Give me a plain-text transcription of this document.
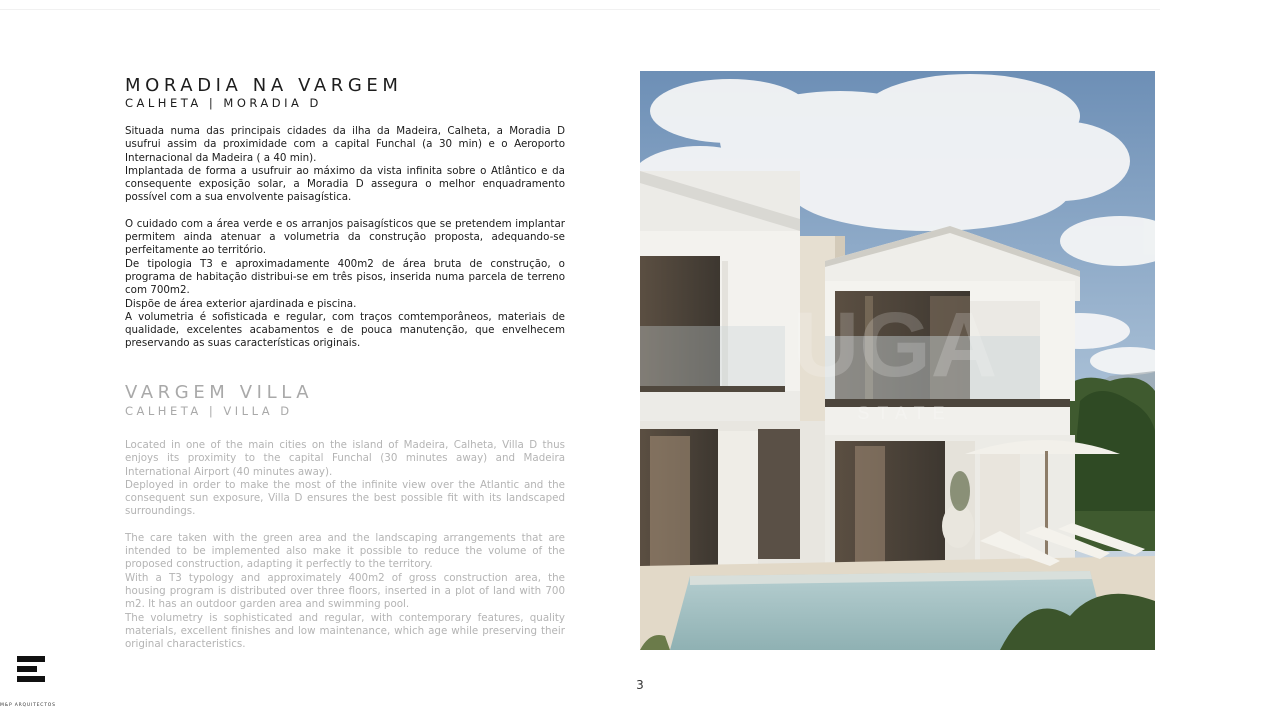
MORADIA NA VARGEM
CALHETA | MORADIA D

Situada numa das principais cidades da ilha da Madeira, Calheta, a Moradia D usufrui assim da proximidade com a capital Funchal (a 30 min) e o Aeroporto Internacional da Madeira ( a 40 min).

Implantada de forma a usufruir ao máximo da vista infinita sobre o Atlântico e da consequente exposição solar, a Moradia D assegura o melhor enquadramento possível com a sua envolvente paisagística.

O cuidado com a área verde e os arranjos paisagísticos que se pretendem implantar permitem ainda atenuar a volumetria da construção proposta, adequando-se perfeitamente ao território.

De tipologia T3 e aproximadamente 400m2 de área bruta de construção, o programa de habitação distribui-se em três pisos, inserida numa parcela de terreno com 700m2.

Dispõe de área exterior ajardinada e piscina.

A volumetria é sofisticada e regular, com traços comtemporâneos, materiais de qualidade, excelentes acabamentos e de pouca manutenção, que envelhecem preservando as suas características originais.

VARGEM VILLA
CALHETA | VILLA D

Located in one of the main cities on the island of Madeira, Calheta, Villa D thus enjoys its proximity to the capital Funchal (30 minutes away) and Madeira International Airport (40 minutes away).

Deployed in order to make the most of the infinite view over the Atlantic and the consequent sun exposure, Villa D ensures the best possible fit with its landscaped surroundings.

The care taken with the green area and the landscaping arrangements that are intended to be implemented also make it possible to reduce the volume of the proposed construction, adapting it perfectly to the territory.

With a T3 typology and approximately 400m2 of gross construction area, the housing program is distributed over three floors, inserted in a plot of land with 700 m2. It has an outdoor garden area and swimming pool.

The volumetry is sophisticated and regular, with contemporary features, quality materials, excellent finishes and low maintenance, which age while preserving their original characteristics.

UGA
STATE
3
M&P ARQUITECTOS
